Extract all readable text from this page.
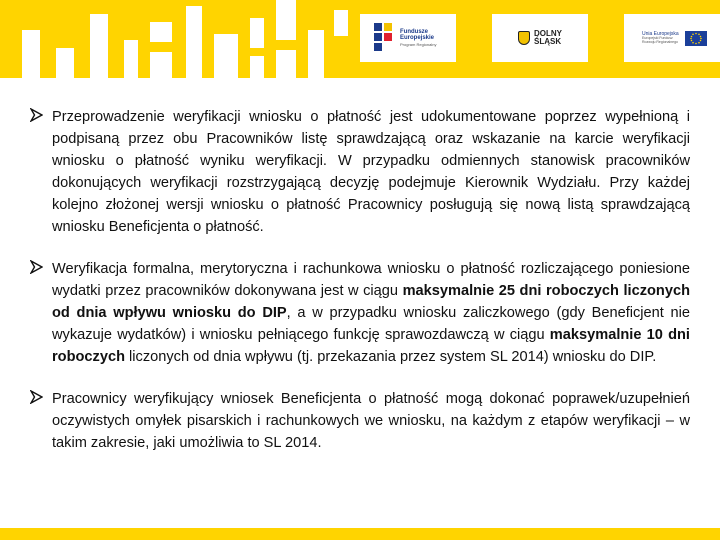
Fundusze
Europejskie
Program Regionalny
DOLNY
ŚLĄSK
Unia Europejska
Europejski Fundusz
Rozwoju Regionalnego

Przeprowadzenie weryfikacji wniosku o płatność jest udokumentowane poprzez wypełnioną i podpisaną przez obu Pracowników listę sprawdzającą oraz wskazanie na karcie weryfikacji wniosku o płatność wyniku weryfikacji. W przypadku odmiennych stanowisk pracowników dokonujących weryfikacji rozstrzygającą decyzję podejmuje Kierownik Wydziału. Przy każdej kolejno złożonej wersji wniosku o płatność Pracownicy posługują się nową listą sprawdzającą wniosku Beneficjenta o płatność.

Weryfikacja formalna, merytoryczna i rachunkowa wniosku o płatność rozliczającego poniesione wydatki przez pracowników dokonywana jest w ciągu maksymalnie 25 dni roboczych liczonych od dnia wpływu wniosku do DIP, a w przypadku wniosku zaliczkowego (gdy Beneficjent nie wykazuje wydatków) i wniosku pełniącego funkcję sprawozdawczą w ciągu maksymalnie 10 dni roboczych liczonych od dnia wpływu (tj. przekazania przez system SL 2014) wniosku do DIP.

Pracownicy weryfikujący wniosek Beneficjenta o płatność mogą dokonać poprawek/uzupełnień oczywistych omyłek pisarskich i rachunkowych we wniosku, na każdym z etapów weryfikacji – w takim zakresie, jaki umożliwia to SL 2014.
